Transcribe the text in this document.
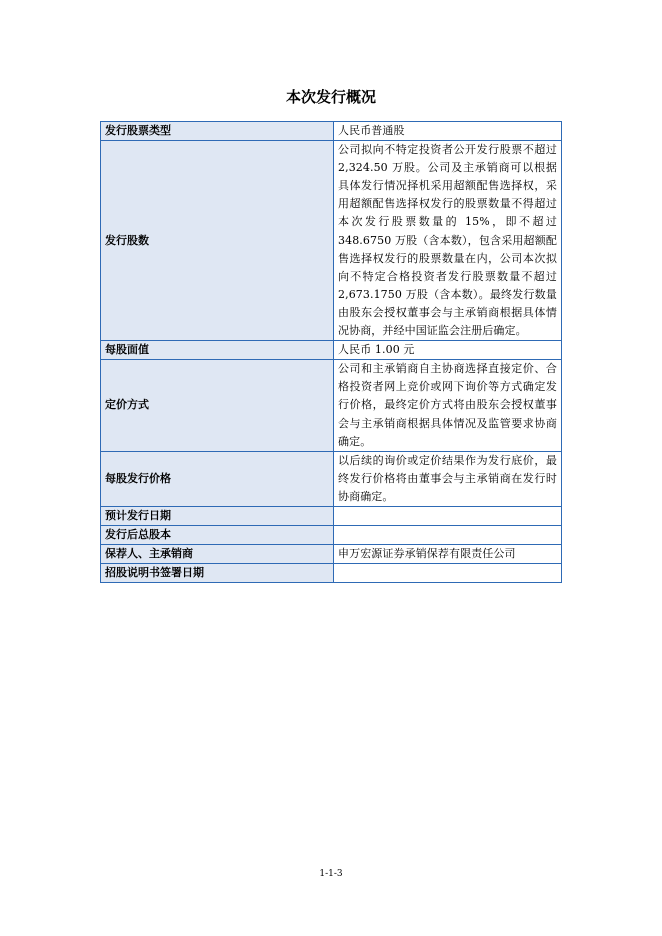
本次发行概况
发行股票类型	人民币普通股
发行股数	公司拟向不特定投资者公开发行股票不超过 2,324.50 万股。公司及主承销商可以根据具体发行情况择机采用超额配售选择权，采用超额配售选择权发行的股票数量不得超过本次发行股票数量的 15%，即不超过 348.6750 万股（含本数），包含采用超额配售选择权发行的股票数量在内，公司本次拟向不特定合格投资者发行股票数量不超过 2,673.1750 万股（含本数）。最终发行数量由股东会授权董事会与主承销商根据具体情况协商，并经中国证监会注册后确定。
每股面值	人民币 1.00 元
定价方式	公司和主承销商自主协商选择直接定价、合格投资者网上竞价或网下询价等方式确定发行价格，最终定价方式将由股东会授权董事会与主承销商根据具体情况及监管要求协商确定。
每股发行价格	以后续的询价或定价结果作为发行底价，最终发行价格将由董事会与主承销商在发行时协商确定。
预计发行日期	
发行后总股本	
保荐人、主承销商	申万宏源证券承销保荐有限责任公司
招股说明书签署日期	
1-1-3
